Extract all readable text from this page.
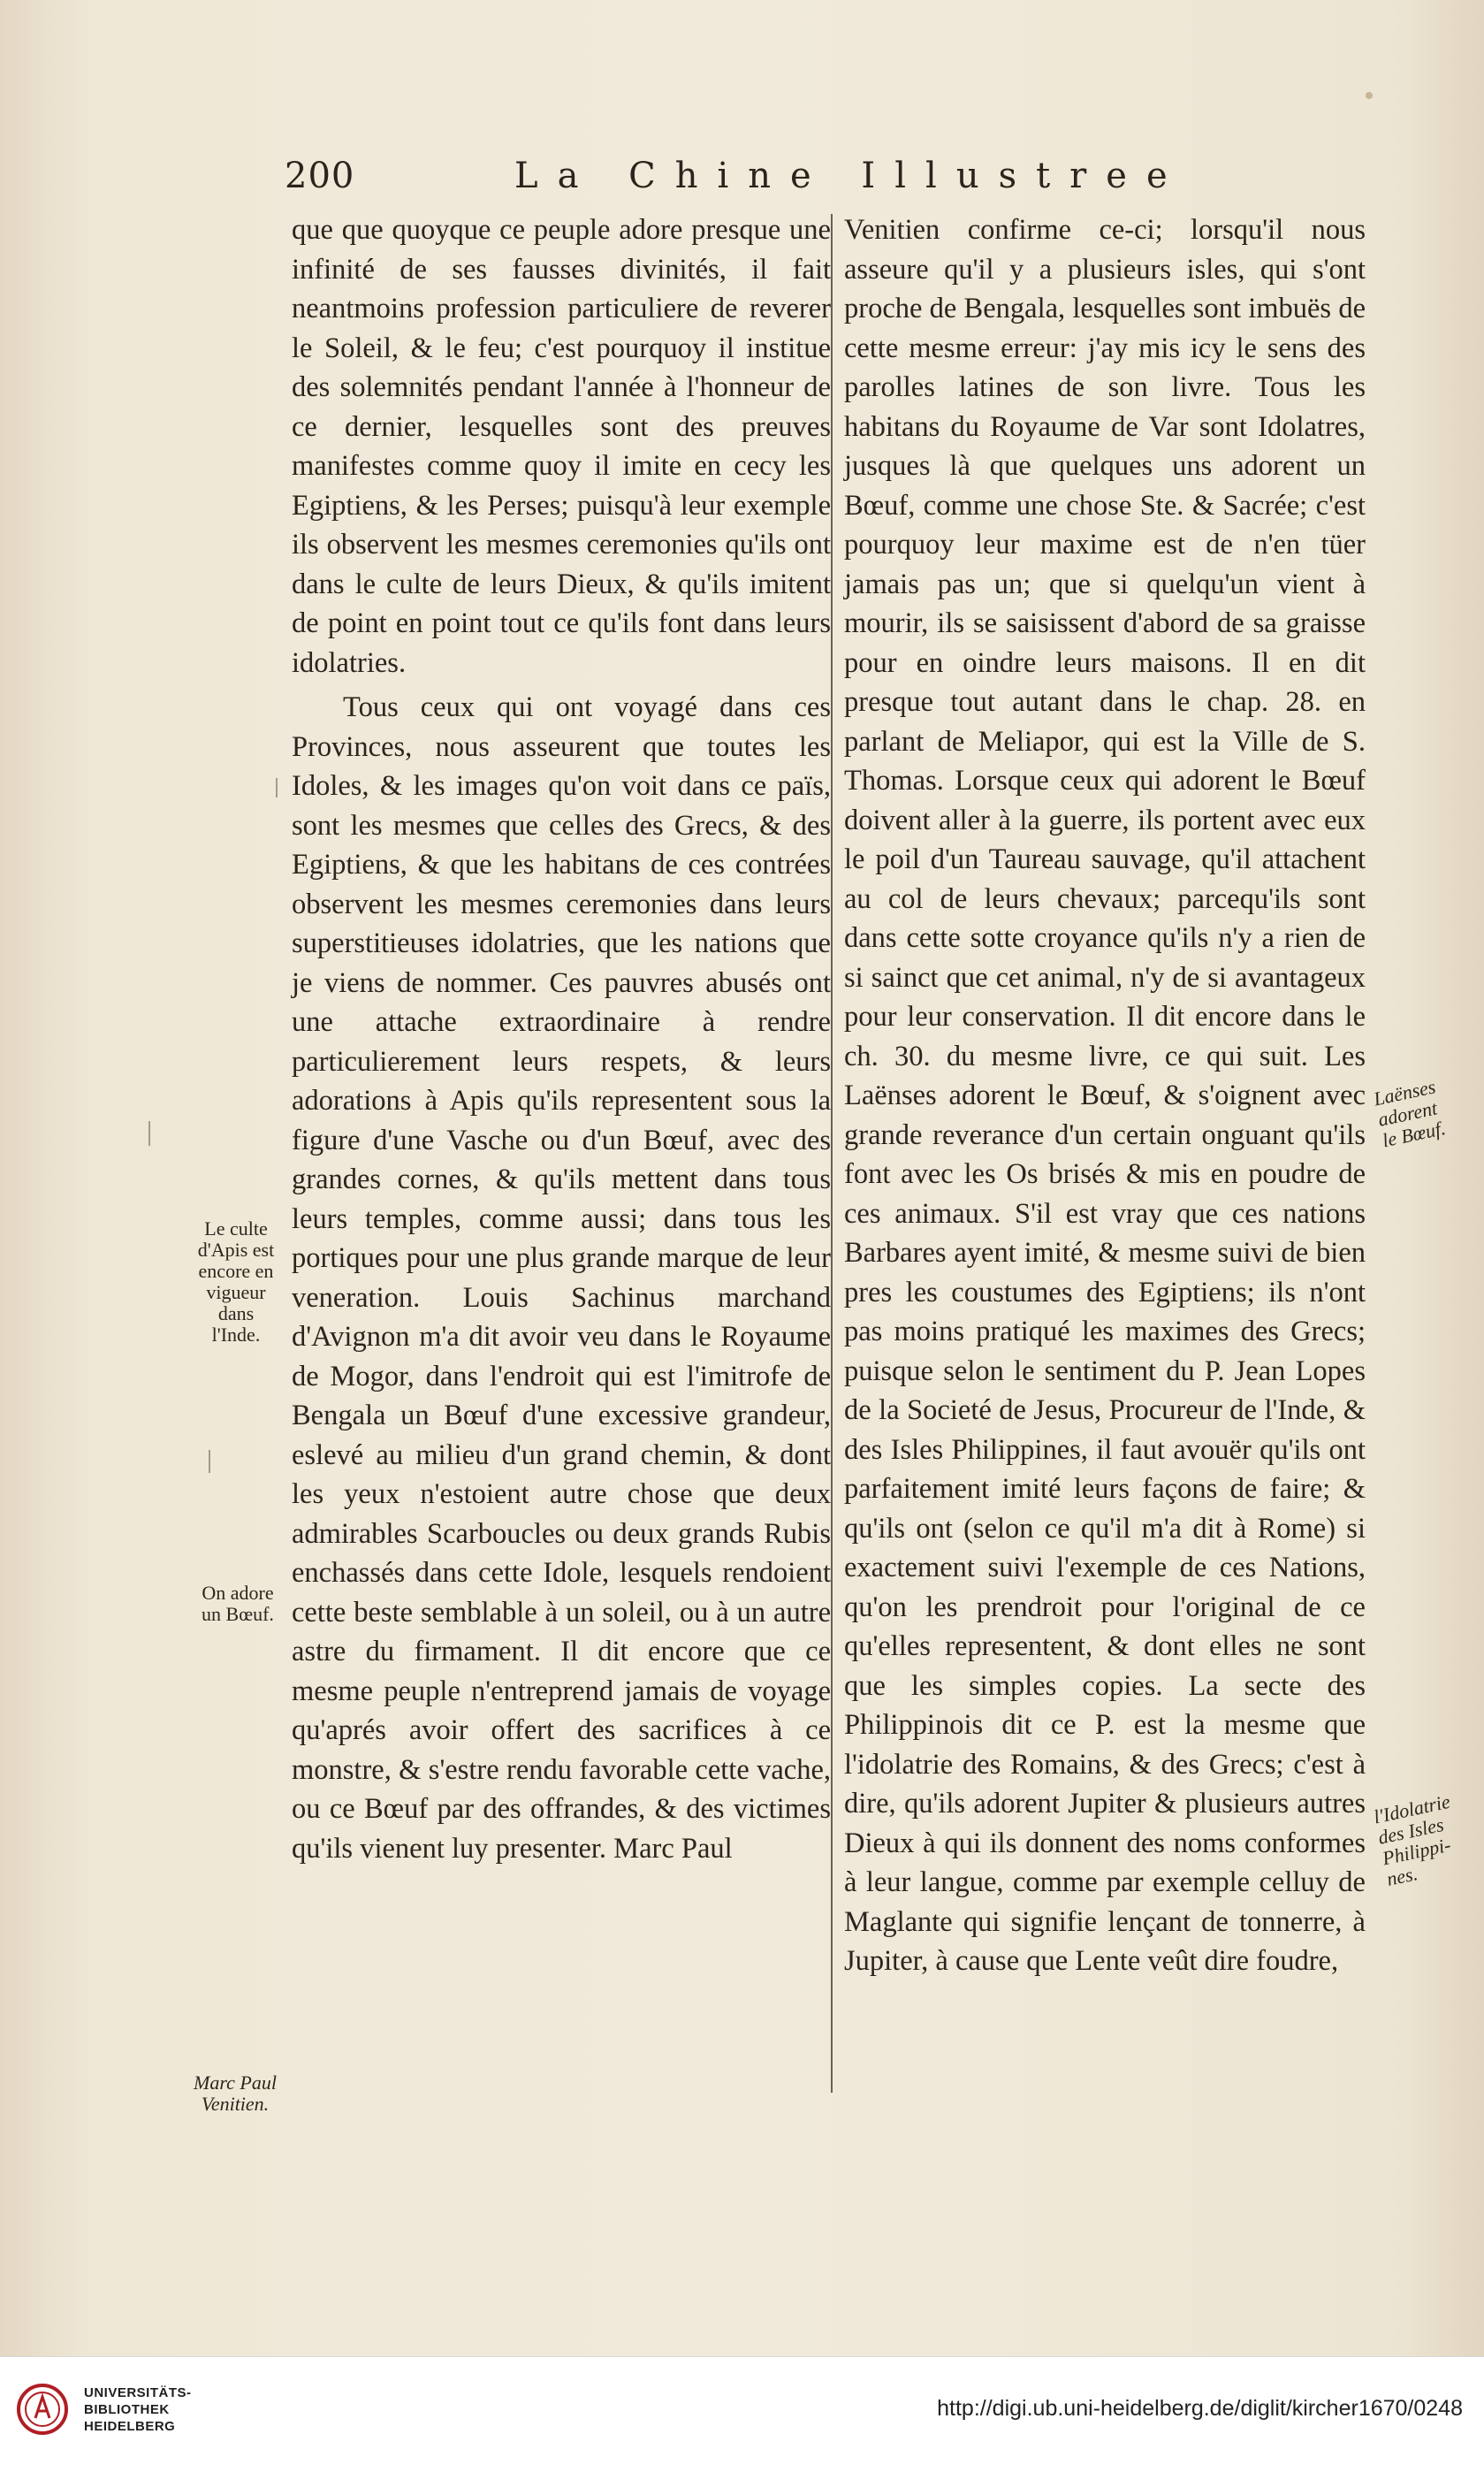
200	La Chine Illustree

que que quoyque ce peuple adore presque une infinité de ses fausses divinités, il fait neantmoins profession particuliere de reverer le Soleil, & le feu; c'est pourquoy il institue des solemnités pendant l'année à l'honneur de ce dernier, lesquelles sont des preuves manifestes comme quoy il imite en cecy les Egiptiens, & les Perses; puisqu'à leur exemple ils observent les mesmes ceremonies qu'ils ont dans le culte de leurs Dieux, & qu'ils imitent de point en point tout ce qu'ils font dans leurs idolatries.

Tous ceux qui ont voyagé dans ces Provinces, nous asseurent que toutes les Idoles, & les images qu'on voit dans ce païs, sont les mesmes que celles des Grecs, & des Egiptiens, & que les habitans de ces contrées observent les mesmes ceremonies dans leurs superstitieuses idolatries, que les nations que je viens de nommer. Ces pauvres abusés ont une attache extraordinaire à rendre particulierement leurs respets, & leurs adorations à Apis qu'ils representent sous la figure d'une Vasche ou d'un Bœuf, avec des grandes cornes, & qu'ils mettent dans tous leurs temples, comme aussi; dans tous les portiques pour une plus grande marque de leur veneration. Louis Sachinus marchand d'Avignon m'a dit avoir veu dans le Royaume de Mogor, dans l'endroit qui est l'imitrofe de Bengala un Bœuf d'une excessive grandeur, eslevé au milieu d'un grand chemin, & dont les yeux n'estoient autre chose que deux admirables Scarboucles ou deux grands Rubis enchassés dans cette Idole, lesquels rendoient cette beste semblable à un soleil, ou à un autre astre du firmament. Il dit encore que ce mesme peuple n'entreprend jamais de voyage qu'aprés avoir offert des sacrifices à ce monstre, & s'estre rendu favorable cette vache, ou ce Bœuf par des offrandes, & des victimes qu'ils vienent luy presenter. Marc Paul

Venitien confirme ce-ci; lorsqu'il nous asseure qu'il y a plusieurs isles, qui s'ont proche de Bengala, lesquelles sont imbuës de cette mesme erreur: j'ay mis icy le sens des parolles latines de son livre. Tous les habitans du Royaume de Var sont Idolatres, jusques là que quelques uns adorent un Bœuf, comme une chose Ste. & Sacrée; c'est pourquoy leur maxime est de n'en tüer jamais pas un; que si quelqu'un vient à mourir, ils se saisissent d'abord de sa graisse pour en oindre leurs maisons. Il en dit presque tout autant dans le chap. 28. en parlant de Meliapor, qui est la Ville de S. Thomas. Lorsque ceux qui adorent le Bœuf doivent aller à la guerre, ils portent avec eux le poil d'un Taureau sauvage, qu'il attachent au col de leurs chevaux; parcequ'ils sont dans cette sotte croyance qu'ils n'y a rien de si sainct que cet animal, n'y de si avantageux pour leur conservation. Il dit encore dans le ch. 30. du mesme livre, ce qui suit. Les Laënses adorent le Bœuf, & s'oignent avec grande reverance d'un certain onguant qu'ils font avec les Os brisés & mis en poudre de ces animaux. S'il est vray que ces nations Barbares ayent imité, & mesme suivi de bien pres les coustumes des Egiptiens; ils n'ont pas moins pratiqué les maximes des Grecs; puisque selon le sentiment du P. Jean Lopes de la Societé de Jesus, Procureur de l'Inde, & des Isles Philippines, il faut avouër qu'ils ont parfaitement imité leurs façons de faire; & qu'ils ont (selon ce qu'il m'a dit à Rome) si exactement suivi l'exemple de ces Nations, qu'on les prendroit pour l'original de ce qu'elles representent, & dont elles ne sont que les simples copies. La secte des Philippinois dit ce P. est la mesme que l'idolatrie des Romains, & des Grecs; c'est à dire, qu'ils adorent Jupiter & plusieurs autres Dieux à qui ils donnent des noms conformes à leur langue, comme par exemple celluy de Maglante qui signifie lençant de tonnerre, à Jupiter, à cause que Lente veût dire foudre,

Le culte
d'Apis est
encore en
vigueur
dans
l'Inde.
On adore
un Bœuf.
Marc Paul
Venitien.
Laënses
adorent
le Bœuf.
l'Idolatrie
des Isles
Philippi-
nes.
UNIVERSITÄTS-
BIBLIOTHEK
HEIDELBERG
http://digi.ub.uni-heidelberg.de/diglit/kircher1670/0248
